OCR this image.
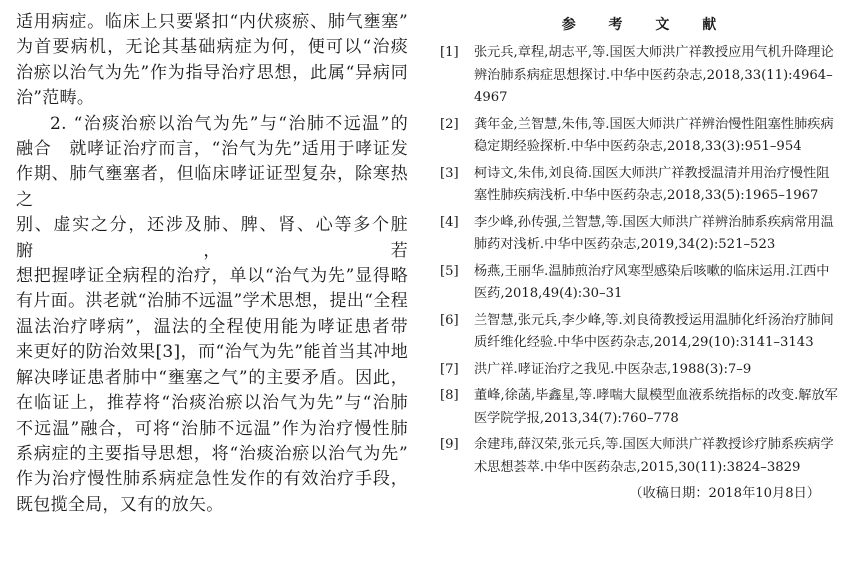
适用病症。临床上只要紧扣“内伏痰瘀、肺气壅塞”

为首要病机，无论其基础病症为何，便可以“治痰

治瘀以治气为先”作为指导治疗思想，此属“异病同

治”范畴。

2. “治痰治瘀以治气为先”与“治肺不远温”的

融合　就哮证治疗而言，“治气为先”适用于哮证发

作期、肺气壅塞者，但临床哮证证型复杂，除寒热之

别、虚实之分，还涉及肺、脾、肾、心等多个脏腑，若

想把握哮证全病程的治疗，单以“治气为先”显得略

有片面。洪老就“治肺不远温”学术思想，提出“全程

温法治疗哮病”，温法的全程使用能为哮证患者带

来更好的防治效果[3]，而“治气为先”能首当其冲地

解决哮证患者肺中“壅塞之气”的主要矛盾。因此，

在临证上，推荐将“治痰治瘀以治气为先”与“治肺

不远温”融合，可将“治肺不远温”作为治疗慢性肺

系病症的主要指导思想，将“治痰治瘀以治气为先”

作为治疗慢性肺系病症急性发作的有效治疗手段，

既包揽全局，又有的放矢。

参 考 文 献
[1]	张元兵,章程,胡志平,等.国医大师洪广祥教授应用气机升降理论辨治肺系病症思想探讨.中华中医药杂志,2018,33(11):4964–4967
[2]	龚年金,兰智慧,朱伟,等.国医大师洪广祥辨治慢性阻塞性肺疾病稳定期经验探析.中华中医药杂志,2018,33(3):951–954
[3]	柯诗文,朱伟,刘良徛.国医大师洪广祥教授温清并用治疗慢性阻塞性肺疾病浅析.中华中医药杂志,2018,33(5):1965–1967
[4]	李少峰,孙传强,兰智慧,等.国医大师洪广祥辨治肺系疾病常用温肺药对浅析.中华中医药杂志,2019,34(2):521–523
[5]	杨燕,王丽华.温肺煎治疗风寒型感染后咳嗽的临床运用.江西中医药,2018,49(4):30–31
[6]	兰智慧,张元兵,李少峰,等.刘良徛教授运用温肺化纤汤治疗肺间质纤维化经验.中华中医药杂志,2014,29(10):3141–3143
[7]	洪广祥.哮证治疗之我见.中医杂志,1988(3):7–9
[8]	董峰,徐菡,毕鑫星,等.哮喘大鼠模型血液系统指标的改变.解放军医学院学报,2013,34(7):760–778
[9]	余建玮,薛汉荣,张元兵,等.国医大师洪广祥教授诊疗肺系疾病学术思想荟萃.中华中医药杂志,2015,30(11):3824–3829
（收稿日期：2018年10月8日）
